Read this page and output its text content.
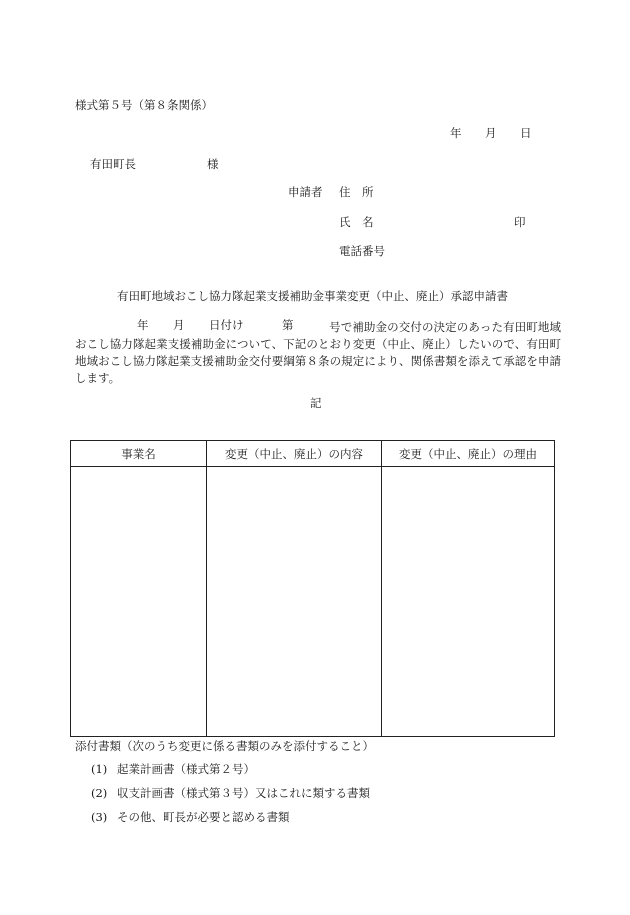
様式第５号（第８条関係）
年 月 日
有田町長	様
申請者 住　所
氏　名	印
電話番号
有田町地域おこし協力隊起業支援補助金事業変更（中止、廃止）承認申請書
年 月 日付け	第	号で補助金の交付の決定のあった有田町地域おこし協力隊起業支援補助金について、下記のとおり変更（中止、廃止）したいので、有田町地域おこし協力隊起業支援補助金交付要綱第８条の規定により、関係書類を添えて承認を申請します。
記
事業名	変更（中止、廃止）の内容	変更（中止、廃止）の理由

添付書類（次のうち変更に係る書類のみを添付すること）
(1) 起業計画書（様式第２号）
(2) 収支計画書（様式第３号）又はこれに類する書類
(3) その他、町長が必要と認める書類
